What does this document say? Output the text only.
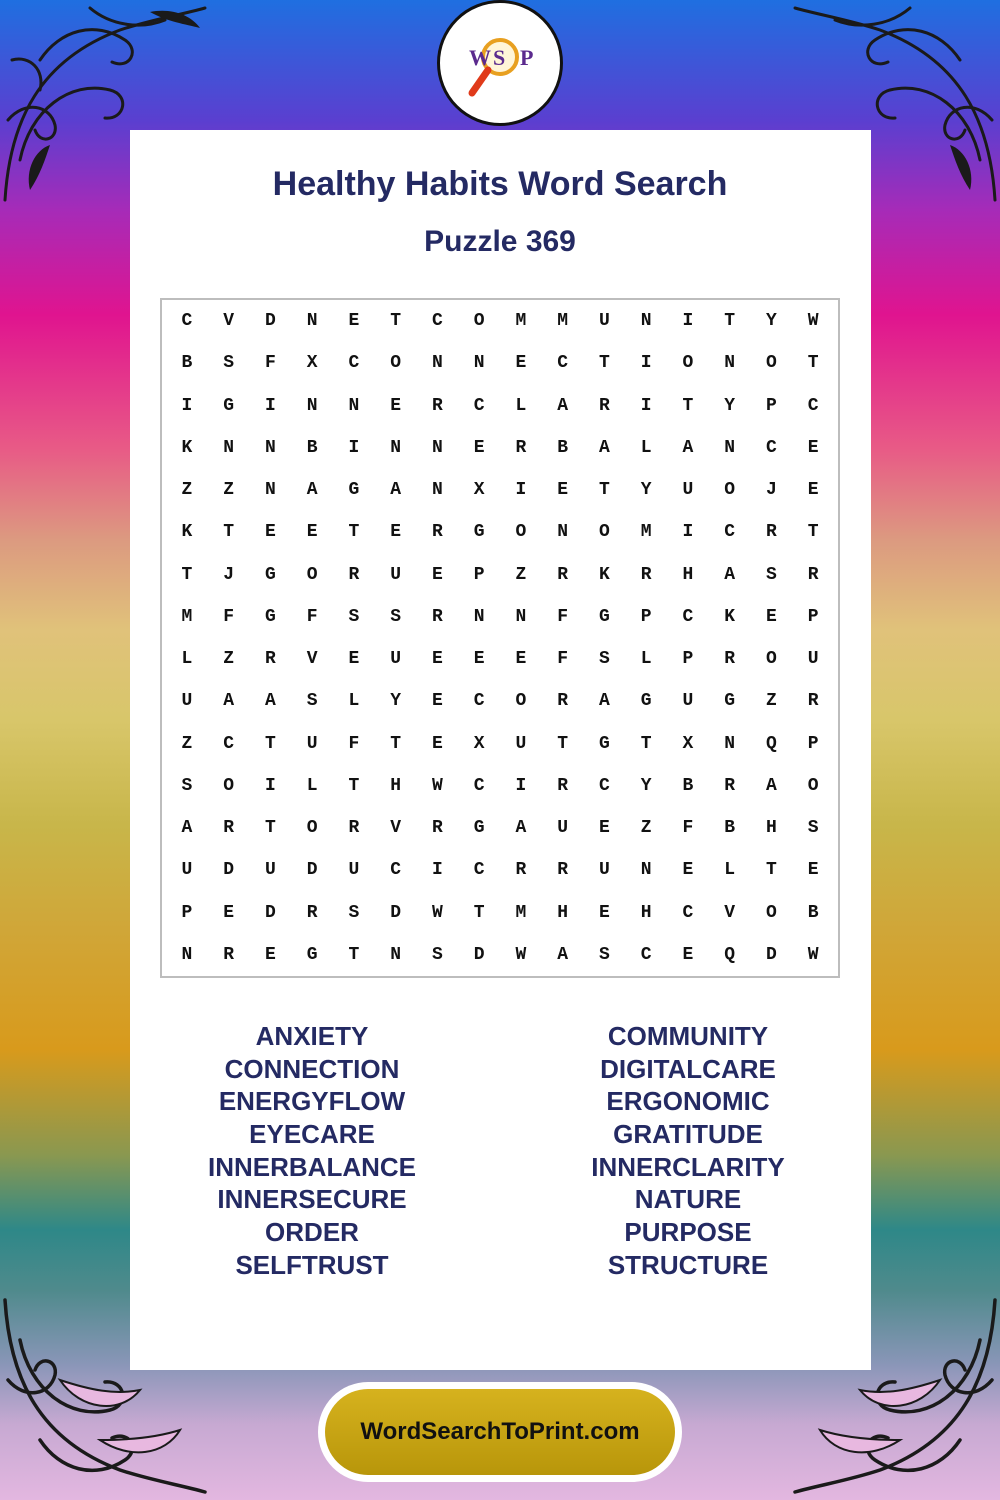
W S P
Healthy Habits Word Search
Puzzle 369
C	V	D	N	E	T	C	O	M	M	U	N	I	T	Y	W
B	S	F	X	C	O	N	N	E	C	T	I	O	N	O	T
I	G	I	N	N	E	R	C	L	A	R	I	T	Y	P	C
K	N	N	B	I	N	N	E	R	B	A	L	A	N	C	E
Z	Z	N	A	G	A	N	X	I	E	T	Y	U	O	J	E
K	T	E	E	T	E	R	G	O	N	O	M	I	C	R	T
T	J	G	O	R	U	E	P	Z	R	K	R	H	A	S	R
M	F	G	F	S	S	R	N	N	F	G	P	C	K	E	P
L	Z	R	V	E	U	E	E	E	F	S	L	P	R	O	U
U	A	A	S	L	Y	E	C	O	R	A	G	U	G	Z	R
Z	C	T	U	F	T	E	X	U	T	G	T	X	N	Q	P
S	O	I	L	T	H	W	C	I	R	C	Y	B	R	A	O
A	R	T	O	R	V	R	G	A	U	E	Z	F	B	H	S
U	D	U	D	U	C	I	C	R	R	U	N	E	L	T	E
P	E	D	R	S	D	W	T	M	H	E	H	C	V	O	B
N	R	E	G	T	N	S	D	W	A	S	C	E	Q	D	W
ANXIETY
CONNECTION
ENERGYFLOW
EYECARE
INNERBALANCE
INNERSECURE
ORDER
SELFTRUST
COMMUNITY
DIGITALCARE
ERGONOMIC
GRATITUDE
INNERCLARITY
NATURE
PURPOSE
STRUCTURE
WordSearchToPrint.com
